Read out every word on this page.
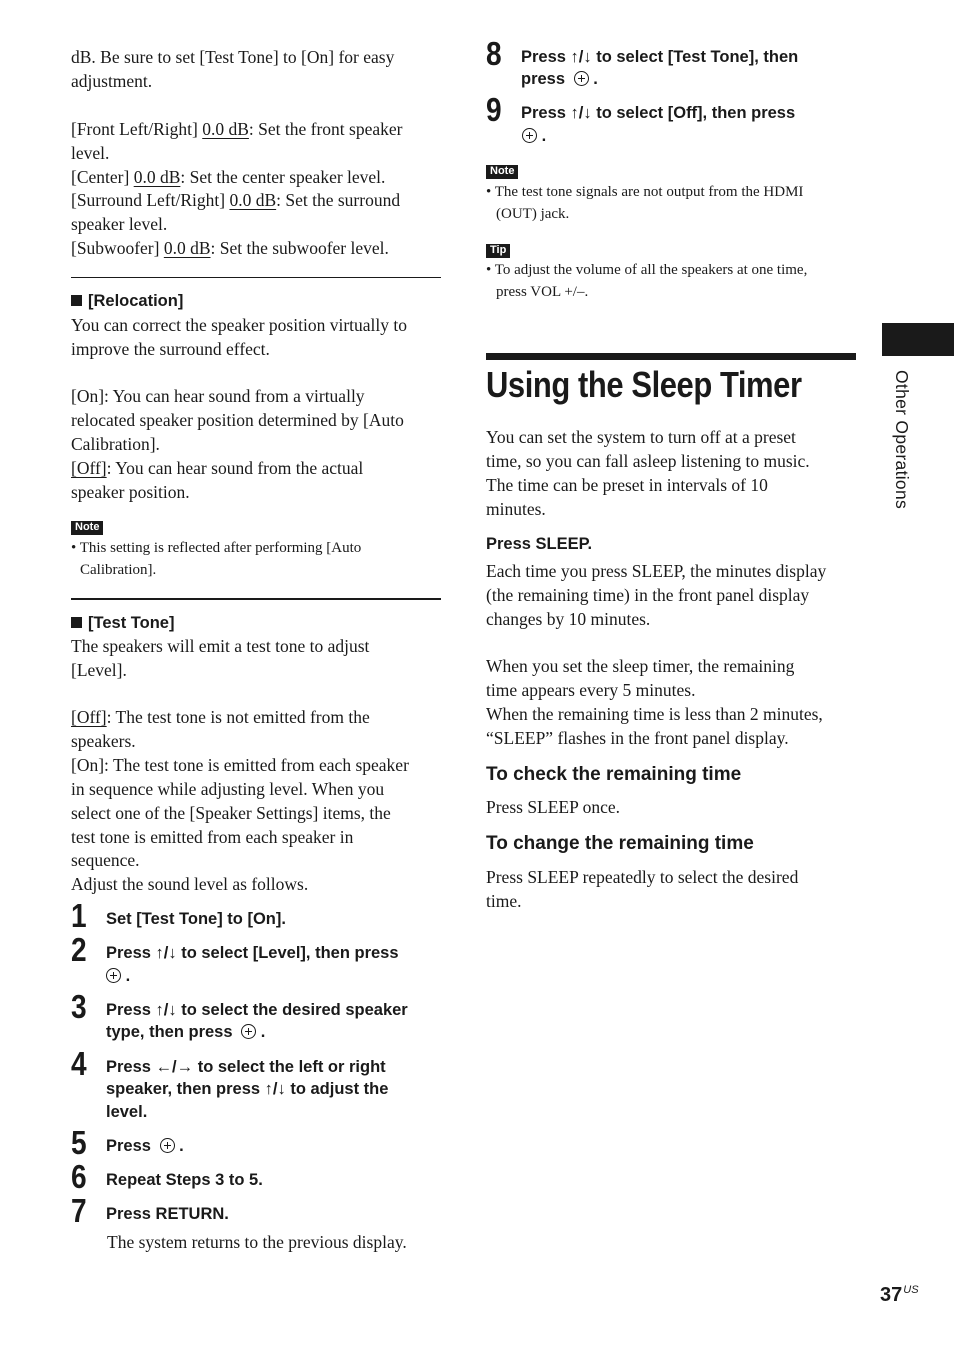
dB. Be sure to set [Test Tone] to [On] for easy
adjustment.
[Front Left/Right] 0.0 dB: Set the front speaker
level.
[Center] 0.0 dB: Set the center speaker level.
[Surround Left/Right] 0.0 dB: Set the surround
speaker level.
[Subwoofer] 0.0 dB: Set the subwoofer level.
[Relocation]
You can correct the speaker position virtually to
improve the surround effect.
[On]: You can hear sound from a virtually
relocated speaker position determined by [Auto
Calibration].
[Off]: You can hear sound from the actual
speaker position.
Note
• This setting is reflected after performing [Auto
Calibration].
[Test Tone]
The speakers will emit a test tone to adjust
[Level].
[Off]: The test tone is not emitted from the
speakers.
[On]: The test tone is emitted from each speaker
in sequence while adjusting level. When you
select one of the [Speaker Settings] items, the
test tone is emitted from each speaker in
sequence.
Adjust the sound level as follows.
1 Set [Test Tone] to [On].
2 Press ↑/↓ to select [Level], then press
.
3 Press ↑/↓ to select the desired speaker
type, then press  .
4 Press ←/→ to select the left or right
speaker, then press ↑/↓ to adjust the
level.
5 Press  .
6 Repeat Steps 3 to 5.
7 Press RETURN.
The system returns to the previous display.
8 Press ↑/↓ to select [Test Tone], then
press  .
9 Press ↑/↓ to select [Off], then press
.
Note
• The test tone signals are not output from the HDMI
(OUT) jack.
Tip
• To adjust the volume of all the speakers at one time,
press VOL +/–.
Using the Sleep Timer
You can set the system to turn off at a preset
time, so you can fall asleep listening to music.
The time can be preset in intervals of 10
minutes.
Press SLEEP.
Each time you press SLEEP, the minutes display
(the remaining time) in the front panel display
changes by 10 minutes.
When you set the sleep timer, the remaining
time appears every 5 minutes.
When the remaining time is less than 2 minutes,
“SLEEP” flashes in the front panel display.
To check the remaining time
Press SLEEP once.
To change the remaining time
Press SLEEP repeatedly to select the desired
time.
Other Operations
$37^{US}$
